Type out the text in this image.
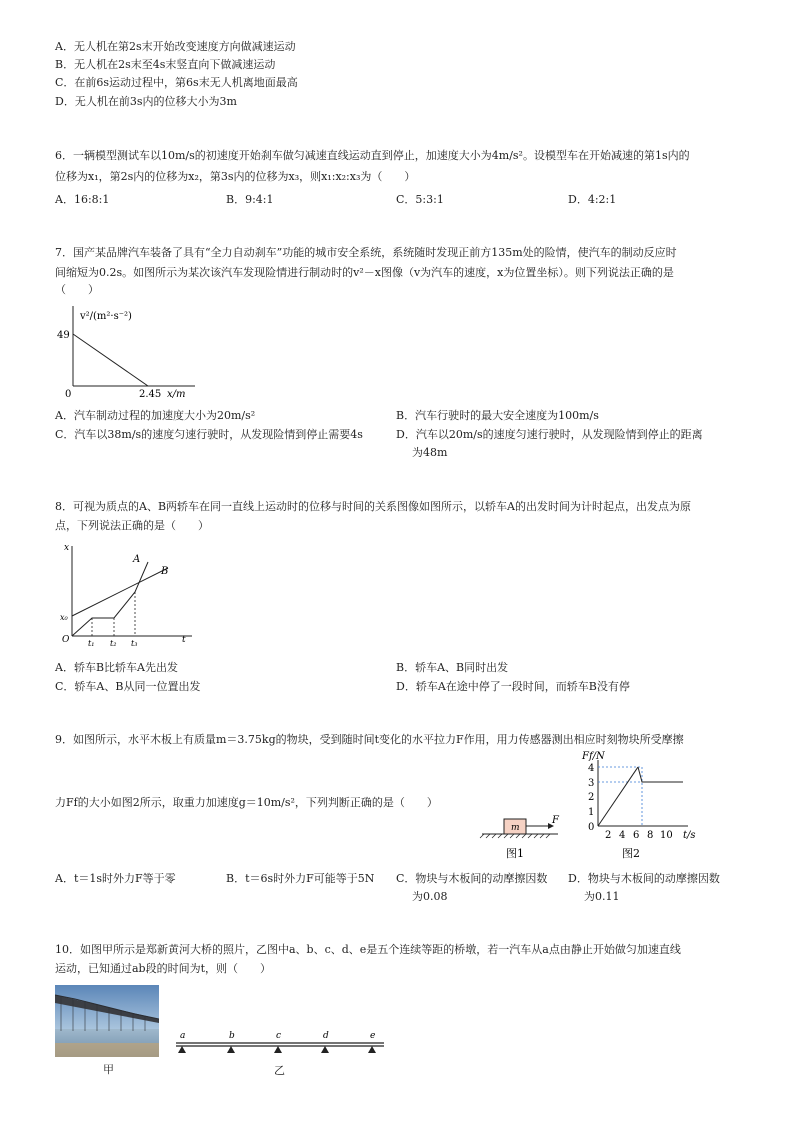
A．无人机在第2s末开始改变速度方向做减速运动
B．无人机在2s末至4s末竖直向下做减速运动
C．在前6s运动过程中，第6s末无人机离地面最高
D．无人机在前3s内的位移大小为3m
6．一辆模型测试车以10m/s的初速度开始刹车做匀减速直线运动直到停止，加速度大小为4m/s²。设模型车在开始减速的第1s内的
位移为x₁，第2s内的位移为x₂，第3s内的位移为x₃，则x₁:x₂:x₃为（　　）
A．16:8:1	B．9:4:1	C．5:3:1	D．4:2:1
7．国产某品牌汽车装备了具有“全力自动刹车”功能的城市安全系统，系统随时发现正前方135m处的险情，使汽车的制动反应时
间缩短为0.2s。如图所示为某次该汽车发现险情进行制动时的v²－x图像（v为汽车的速度，x为位置坐标）。则下列说法正确的是
（　　）
v²/(m²·s⁻²)
49
0	2.45 x/m
A．汽车制动过程的加速度大小为20m/s²	B．汽车行驶时的最大安全速度为100m/s
C．汽车以38m/s的速度匀速行驶时，从发现险情到停止需要4s	D．汽车以20m/s的速度匀速行驶时，从发现险情到停止的距离
为48m
8．可视为质点的A、B两轿车在同一直线上运动时的位移与时间的关系图像如图所示，以轿车A的出发时间为计时起点，出发点为原
点，下列说法正确的是（　　）
x
x₀
O	t
t₁ t₂ t₃
A
B
A．轿车B比轿车A先出发	B．轿车A、B同时出发
C．轿车A、B从同一位置出发	D．轿车A在途中停了一段时间，而轿车B没有停
9．如图所示，水平木板上有质量m＝3.75kg的物块，受到随时间t变化的水平拉力F作用，用力传感器测出相应时刻物块所受摩擦
力Ff的大小如图2所示，取重力加速度g＝10m/s²，下列判断正确的是（　　）
m
F
图1
Ff/N
4
3
2
1
0
2 4 6 8 10 t/s
图2
A．t＝1s时外力F等于零	B．t＝6s时外力F可能等于5N C．物块与木板间的动摩擦因数
为0.08
D．物块与木板间的动摩擦因数
为0.11
10．如图甲所示是郑新黄河大桥的照片，乙图中a、b、c、d、e是五个连续等距的桥墩，若一汽车从a点由静止开始做匀加速直线
运动，已知通过ab段的时间为t，则（　　）
甲
a	b	c	d	e
乙
